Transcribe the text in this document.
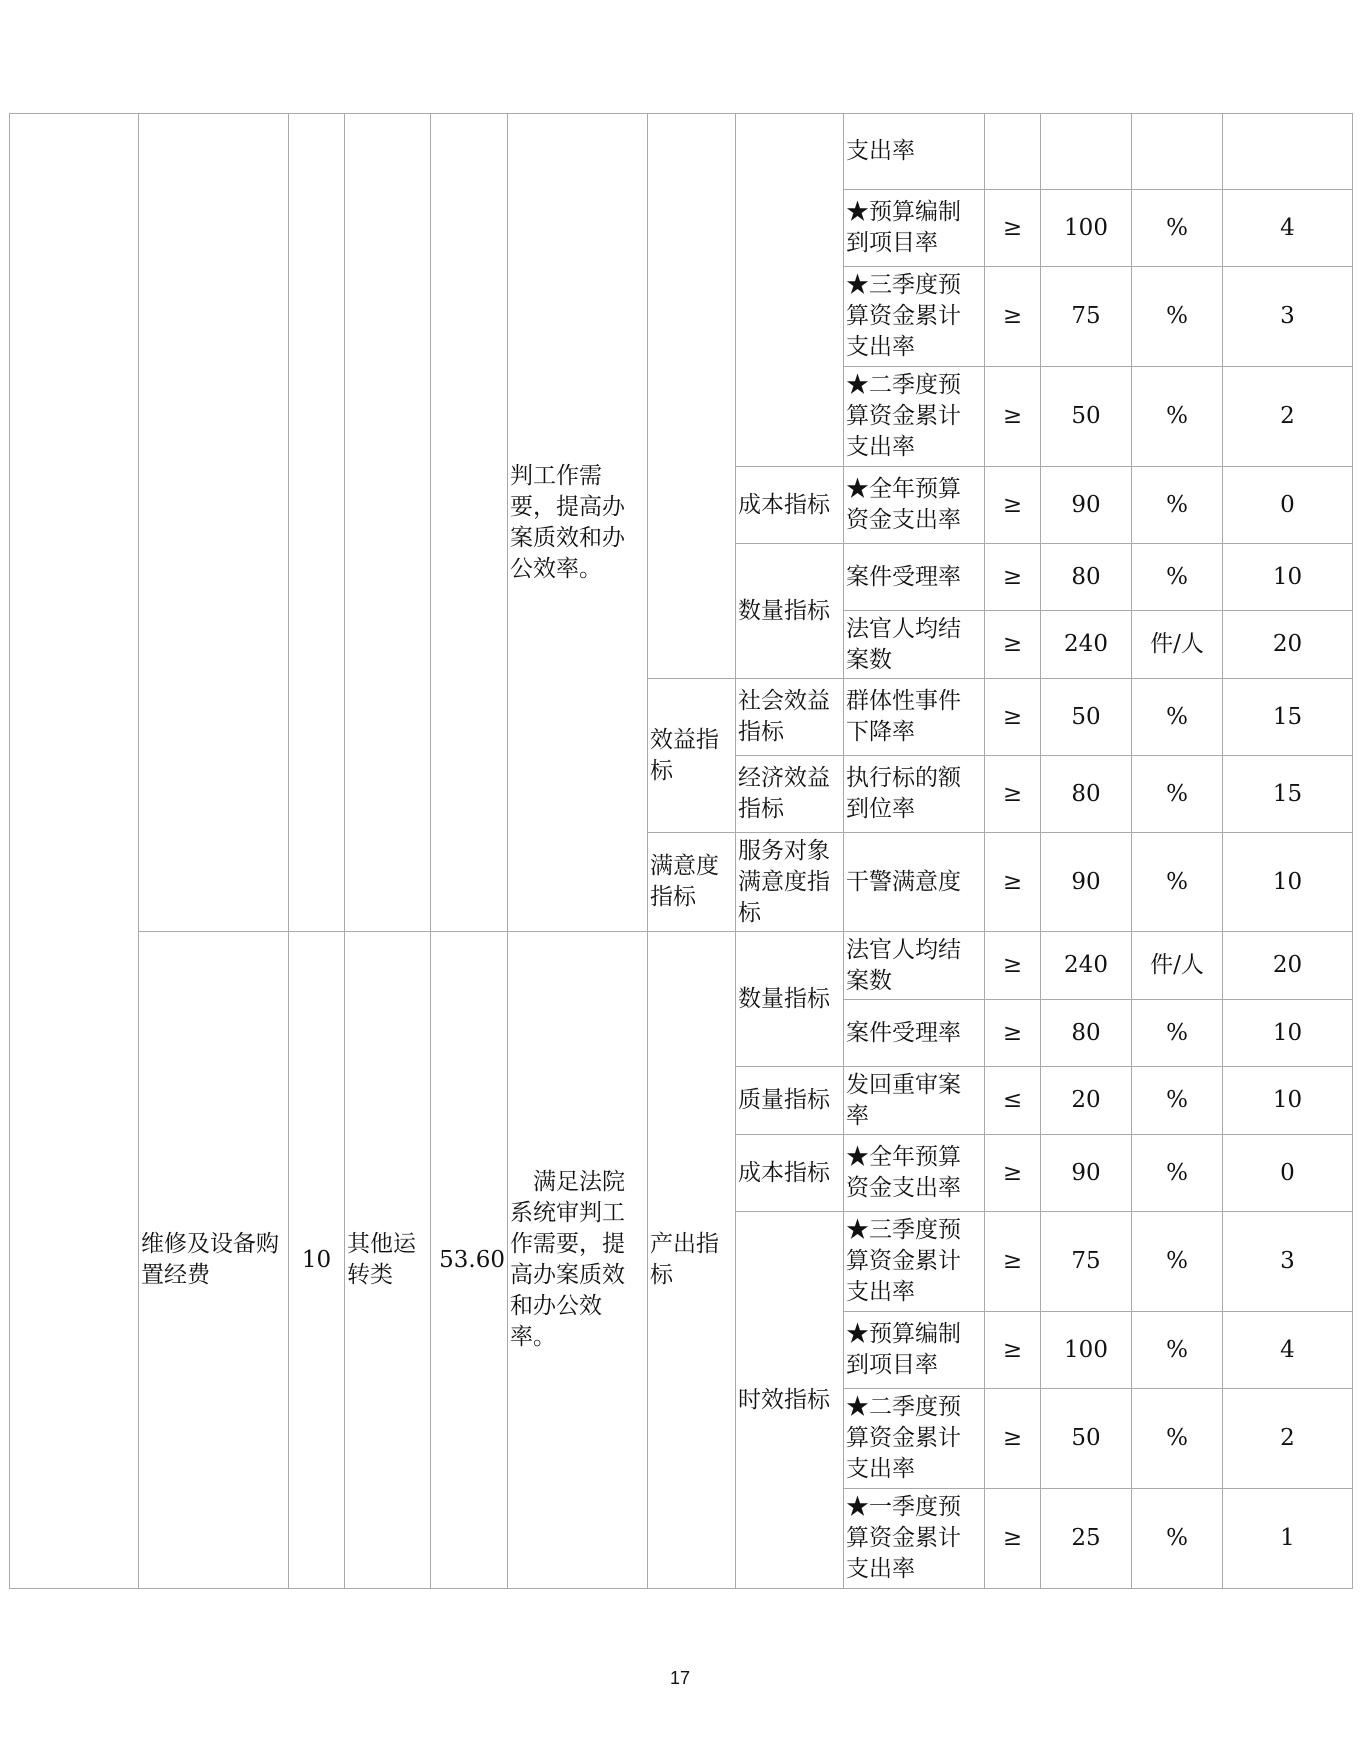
					判工作需要，提高办案质效和办公效率。			支出率				
								★预算编制到项目率	≥	100	%	4
								★三季度预算资金累计支出率	≥	75	%	3
								★二季度预算资金累计支出率	≥	50	%	2
							成本指标	★全年预算资金支出率	≥	90	%	0
							数量指标	案件受理率	≥	80	%	10
								法官人均结案数	≥	240	件/人	20
						效益指标	社会效益指标	群体性事件下降率	≥	50	%	15
							经济效益指标	执行标的额到位率	≥	80	%	15
						满意度指标	服务对象满意度指标	干警满意度	≥	90	%	10
	维修及设备购置经费	10	其他运转类	53.60	满足法院系统审判工作需要，提高办案质效和办公效率。	产出指标	数量指标	法官人均结案数	≥	240	件/人	20
								案件受理率	≥	80	%	10
							质量指标	发回重审案率	≤	20	%	10
							成本指标	★全年预算资金支出率	≥	90	%	0
							时效指标	★三季度预算资金累计支出率	≥	75	%	3
								★预算编制到项目率	≥	100	%	4
								★二季度预算资金累计支出率	≥	50	%	2
								★一季度预算资金累计支出率	≥	25	%	1
17
